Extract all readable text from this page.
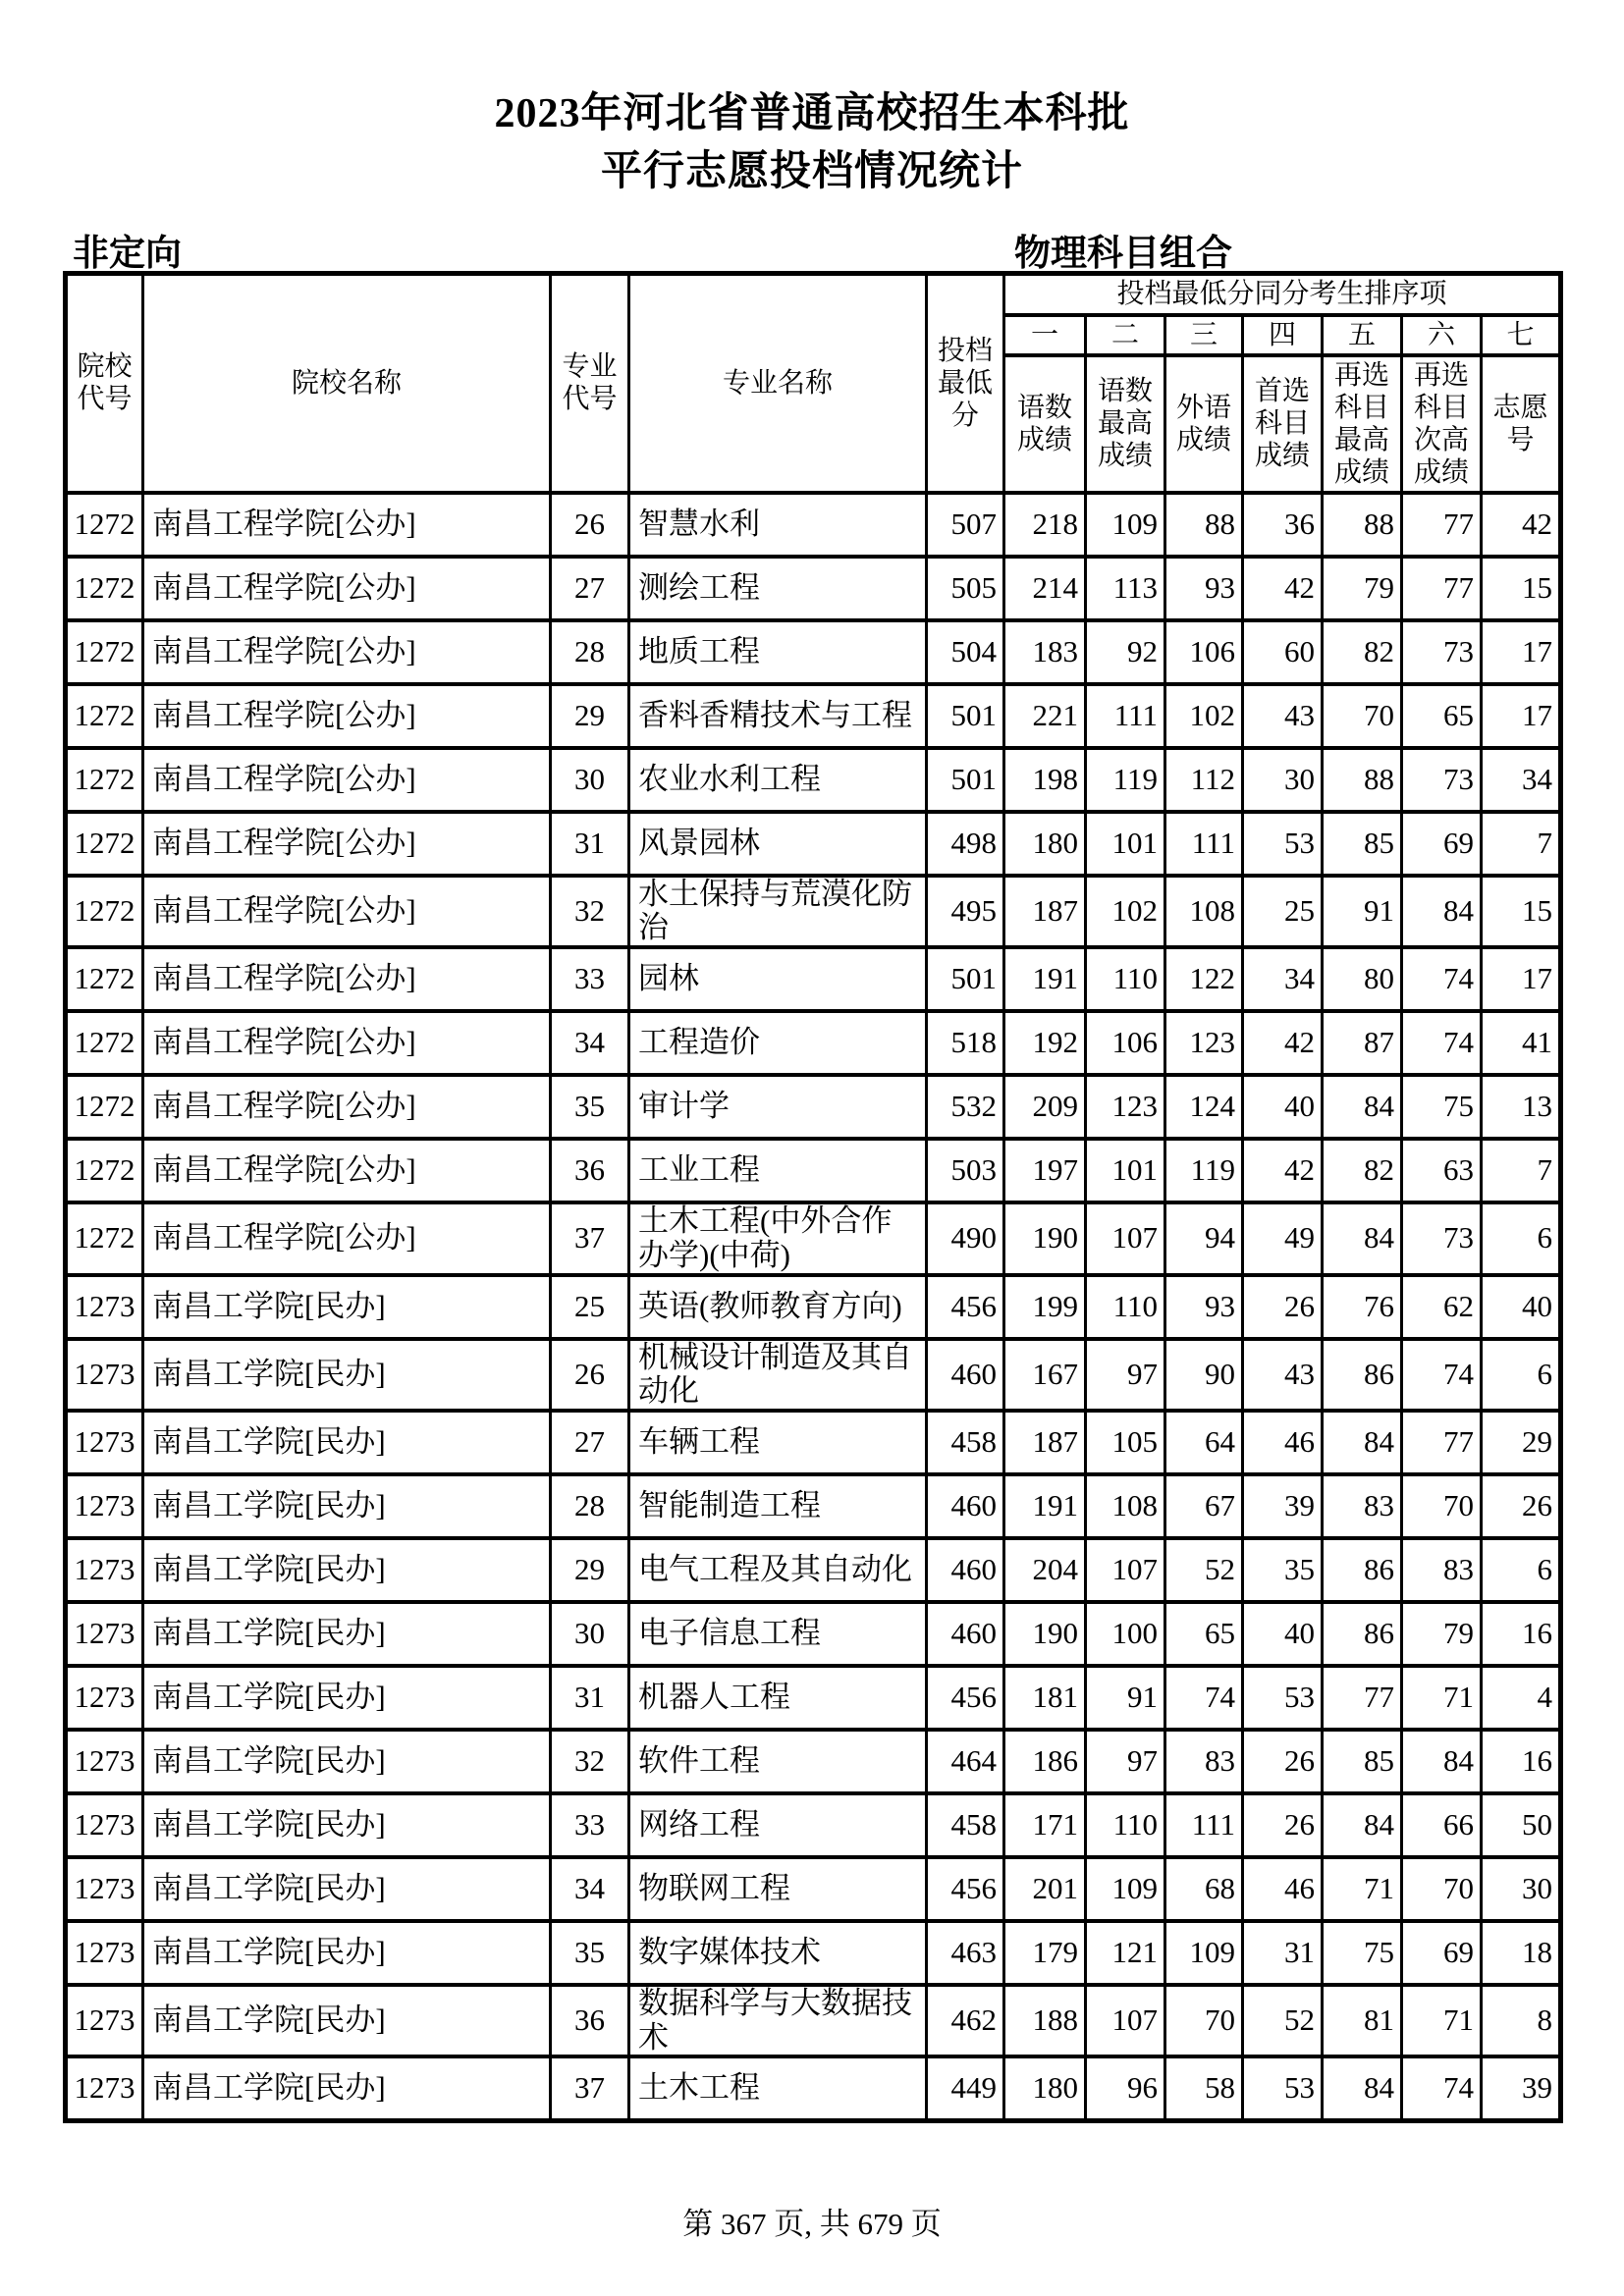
2023年河北省普通高校招生本科批
平行志愿投档情况统计
非定向	物理科目组合
院校代号	院校名称	专业代号	专业名称	投档最低分	投档最低分同分考生排序项						
					一	二	三	四	五	六	七
					语数成绩	语数最高成绩	外语成绩	首选科目成绩	再选科目最高成绩	再选科目次高成绩	志愿号
1272	南昌工程学院[公办]	26	智慧水利	507	218	109	88	36	88	77	42
1272	南昌工程学院[公办]	27	测绘工程	505	214	113	93	42	79	77	15
1272	南昌工程学院[公办]	28	地质工程	504	183	92	106	60	82	73	17
1272	南昌工程学院[公办]	29	香料香精技术与工程	501	221	111	102	43	70	65	17
1272	南昌工程学院[公办]	30	农业水利工程	501	198	119	112	30	88	73	34
1272	南昌工程学院[公办]	31	风景园林	498	180	101	111	53	85	69	7
1272	南昌工程学院[公办]	32	水土保持与荒漠化防治	495	187	102	108	25	91	84	15
1272	南昌工程学院[公办]	33	园林	501	191	110	122	34	80	74	17
1272	南昌工程学院[公办]	34	工程造价	518	192	106	123	42	87	74	41
1272	南昌工程学院[公办]	35	审计学	532	209	123	124	40	84	75	13
1272	南昌工程学院[公办]	36	工业工程	503	197	101	119	42	82	63	7
1272	南昌工程学院[公办]	37	土木工程(中外合作办学)(中荷)	490	190	107	94	49	84	73	6
1273	南昌工学院[民办]	25	英语(教师教育方向)	456	199	110	93	26	76	62	40
1273	南昌工学院[民办]	26	机械设计制造及其自动化	460	167	97	90	43	86	74	6
1273	南昌工学院[民办]	27	车辆工程	458	187	105	64	46	84	77	29
1273	南昌工学院[民办]	28	智能制造工程	460	191	108	67	39	83	70	26
1273	南昌工学院[民办]	29	电气工程及其自动化	460	204	107	52	35	86	83	6
1273	南昌工学院[民办]	30	电子信息工程	460	190	100	65	40	86	79	16
1273	南昌工学院[民办]	31	机器人工程	456	181	91	74	53	77	71	4
1273	南昌工学院[民办]	32	软件工程	464	186	97	83	26	85	84	16
1273	南昌工学院[民办]	33	网络工程	458	171	110	111	26	84	66	50
1273	南昌工学院[民办]	34	物联网工程	456	201	109	68	46	71	70	30
1273	南昌工学院[民办]	35	数字媒体技术	463	179	121	109	31	75	69	18
1273	南昌工学院[民办]	36	数据科学与大数据技术	462	188	107	70	52	81	71	8
1273	南昌工学院[民办]	37	土木工程	449	180	96	58	53	84	74	39
第 367 页, 共 679 页
